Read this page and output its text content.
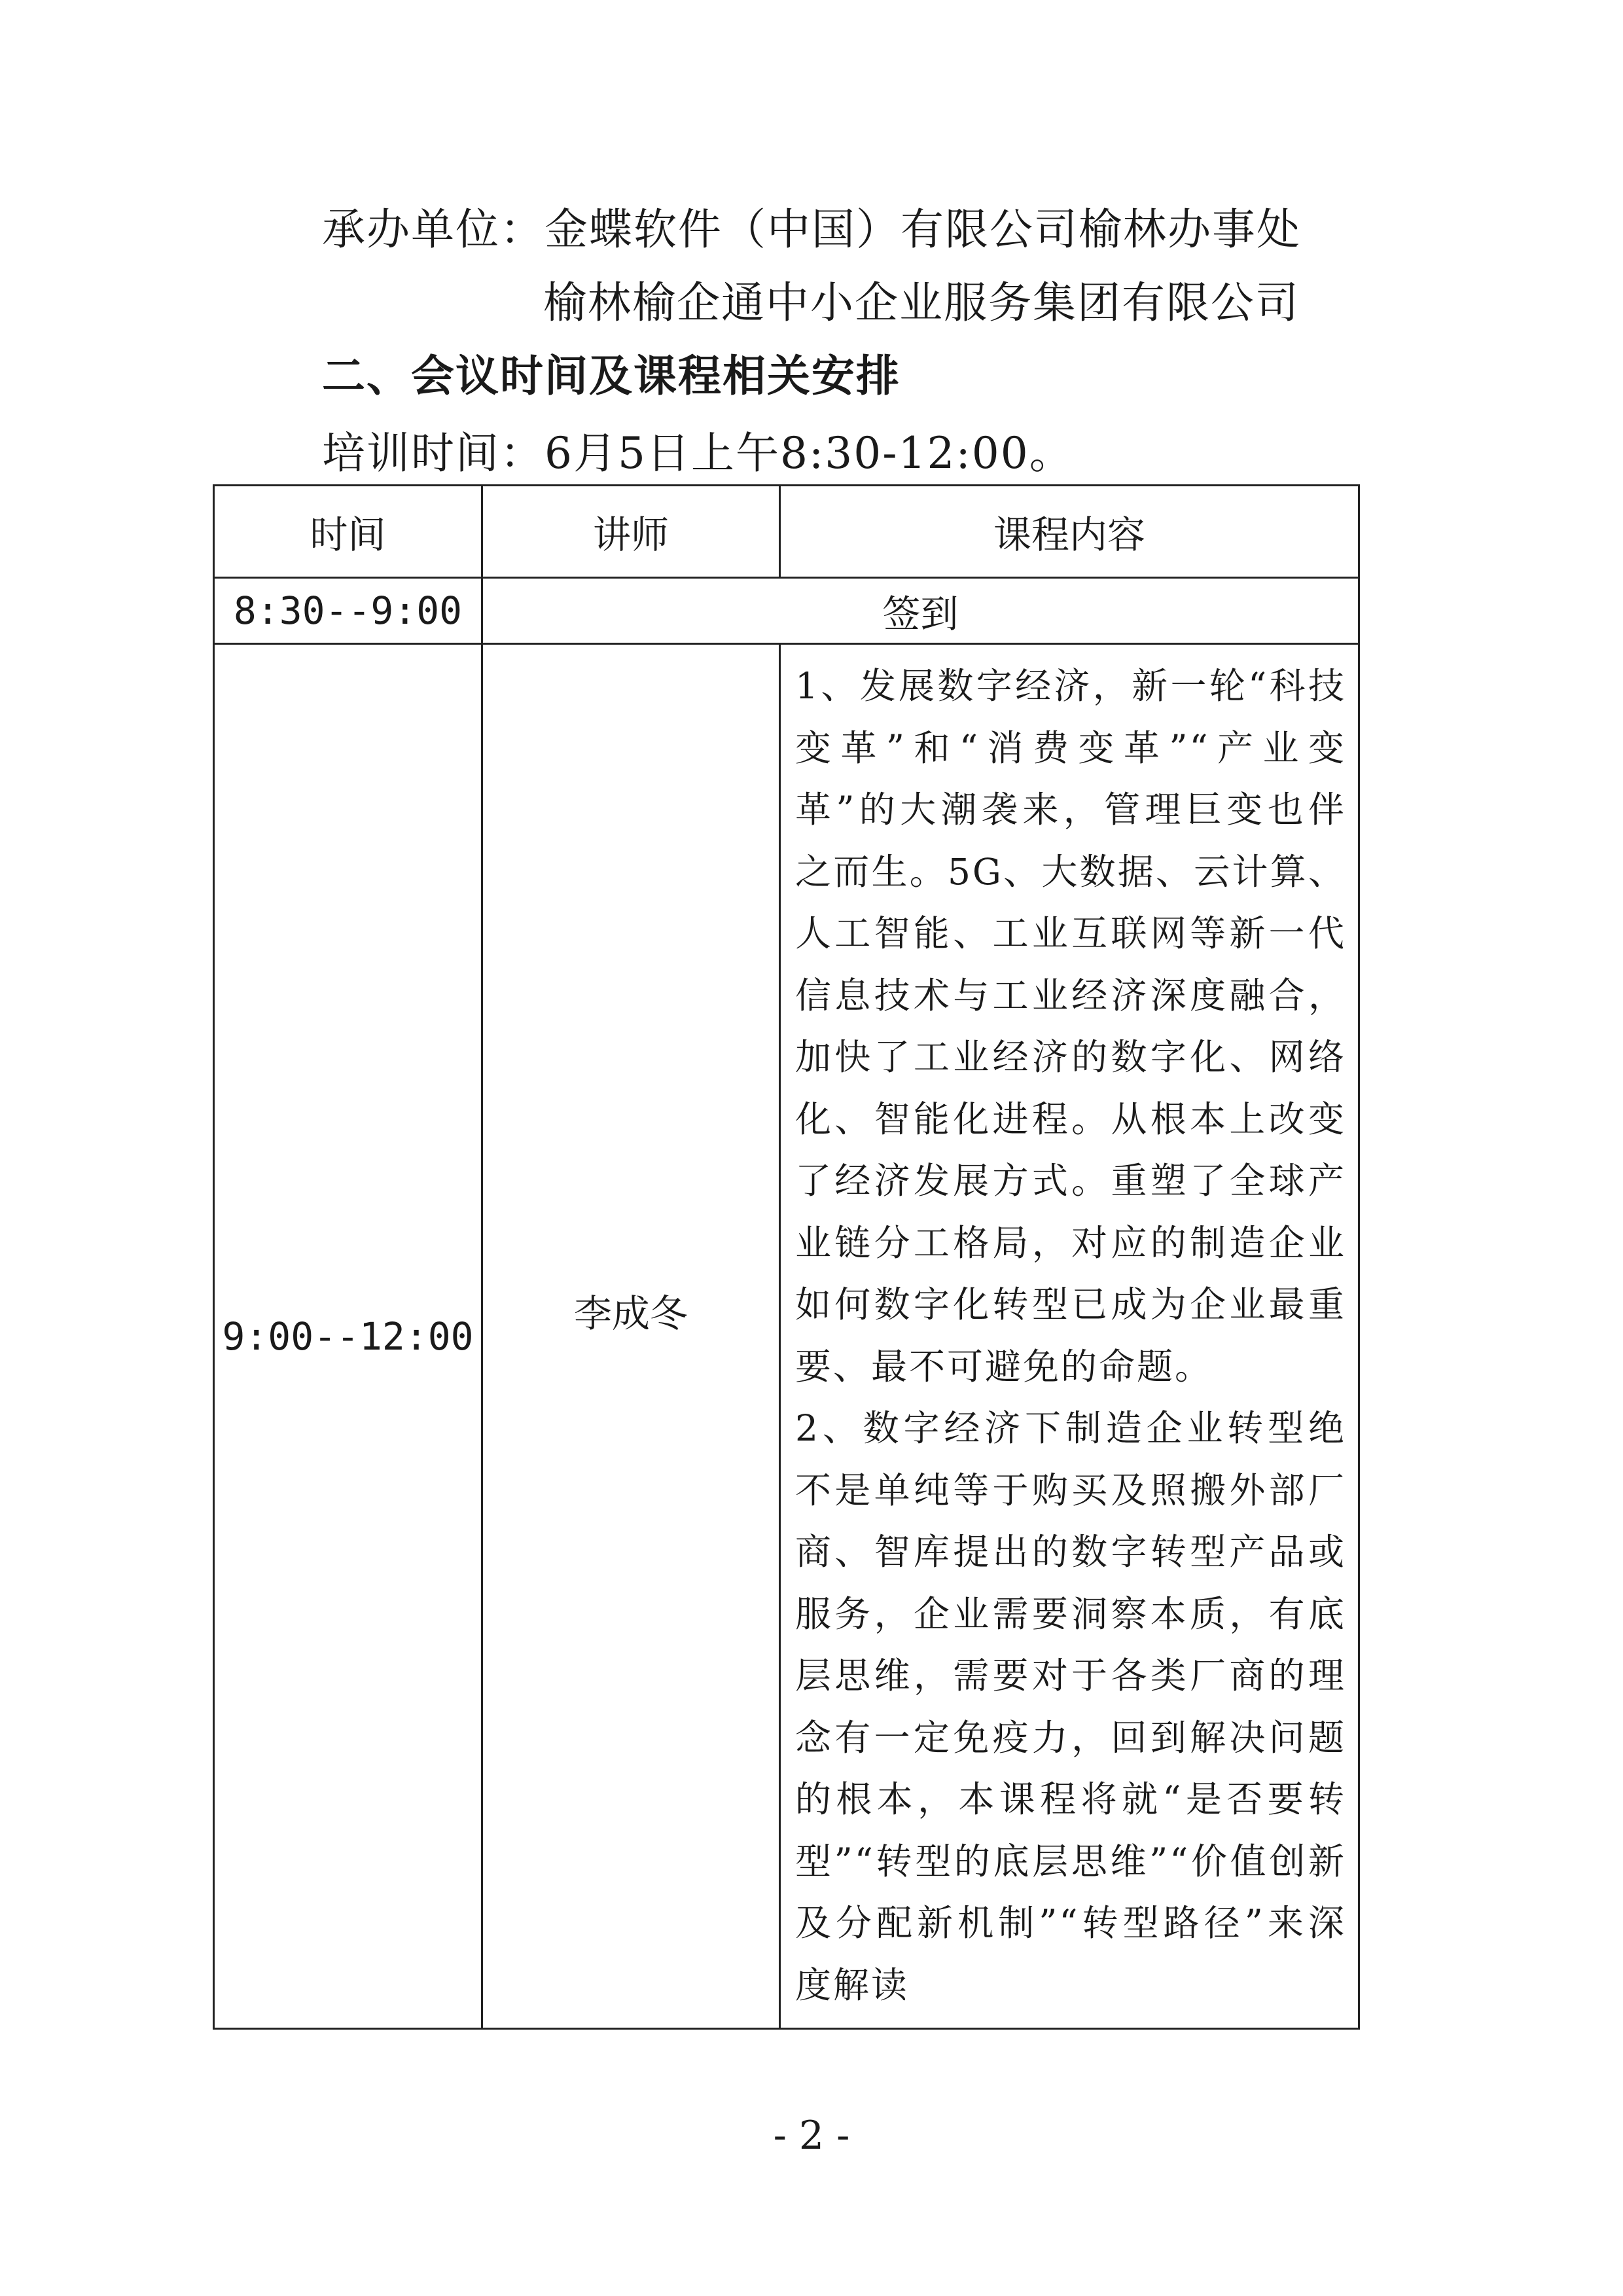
承办单位：金蝶软件（中国）有限公司榆林办事处
榆林榆企通中小企业服务集团有限公司
二、会议时间及课程相关安排
培训时间：6月5日上午8:30-12:00。
时间	讲师	课程内容
8:30--9:00	签到	
9:00--12:00	李成冬	1、发展数字经济，新一轮“科技变革”和“消费变革”“产业变革”的大潮袭来，管理巨变也伴之而生。5G、大数据、云计算、人工智能、工业互联网等新一代信息技术与工业经济深度融合，加快了工业经济的数字化、网络化、智能化进程。从根本上改变了经济发展方式。重塑了全球产业链分工格局，对应的制造企业如何数字化转型已成为企业最重要、最不可避免的命题。
2、数字经济下制造企业转型绝不是单纯等于购买及照搬外部厂商、智库提出的数字转型产品或服务，企业需要洞察本质，有底层思维，需要对于各类厂商的理念有一定免疫力，回到解决问题的根本，本课程将就“是否要转型”“转型的底层思维”“价值创新及分配新机制”“转型路径”来深度解读
- 2 -
